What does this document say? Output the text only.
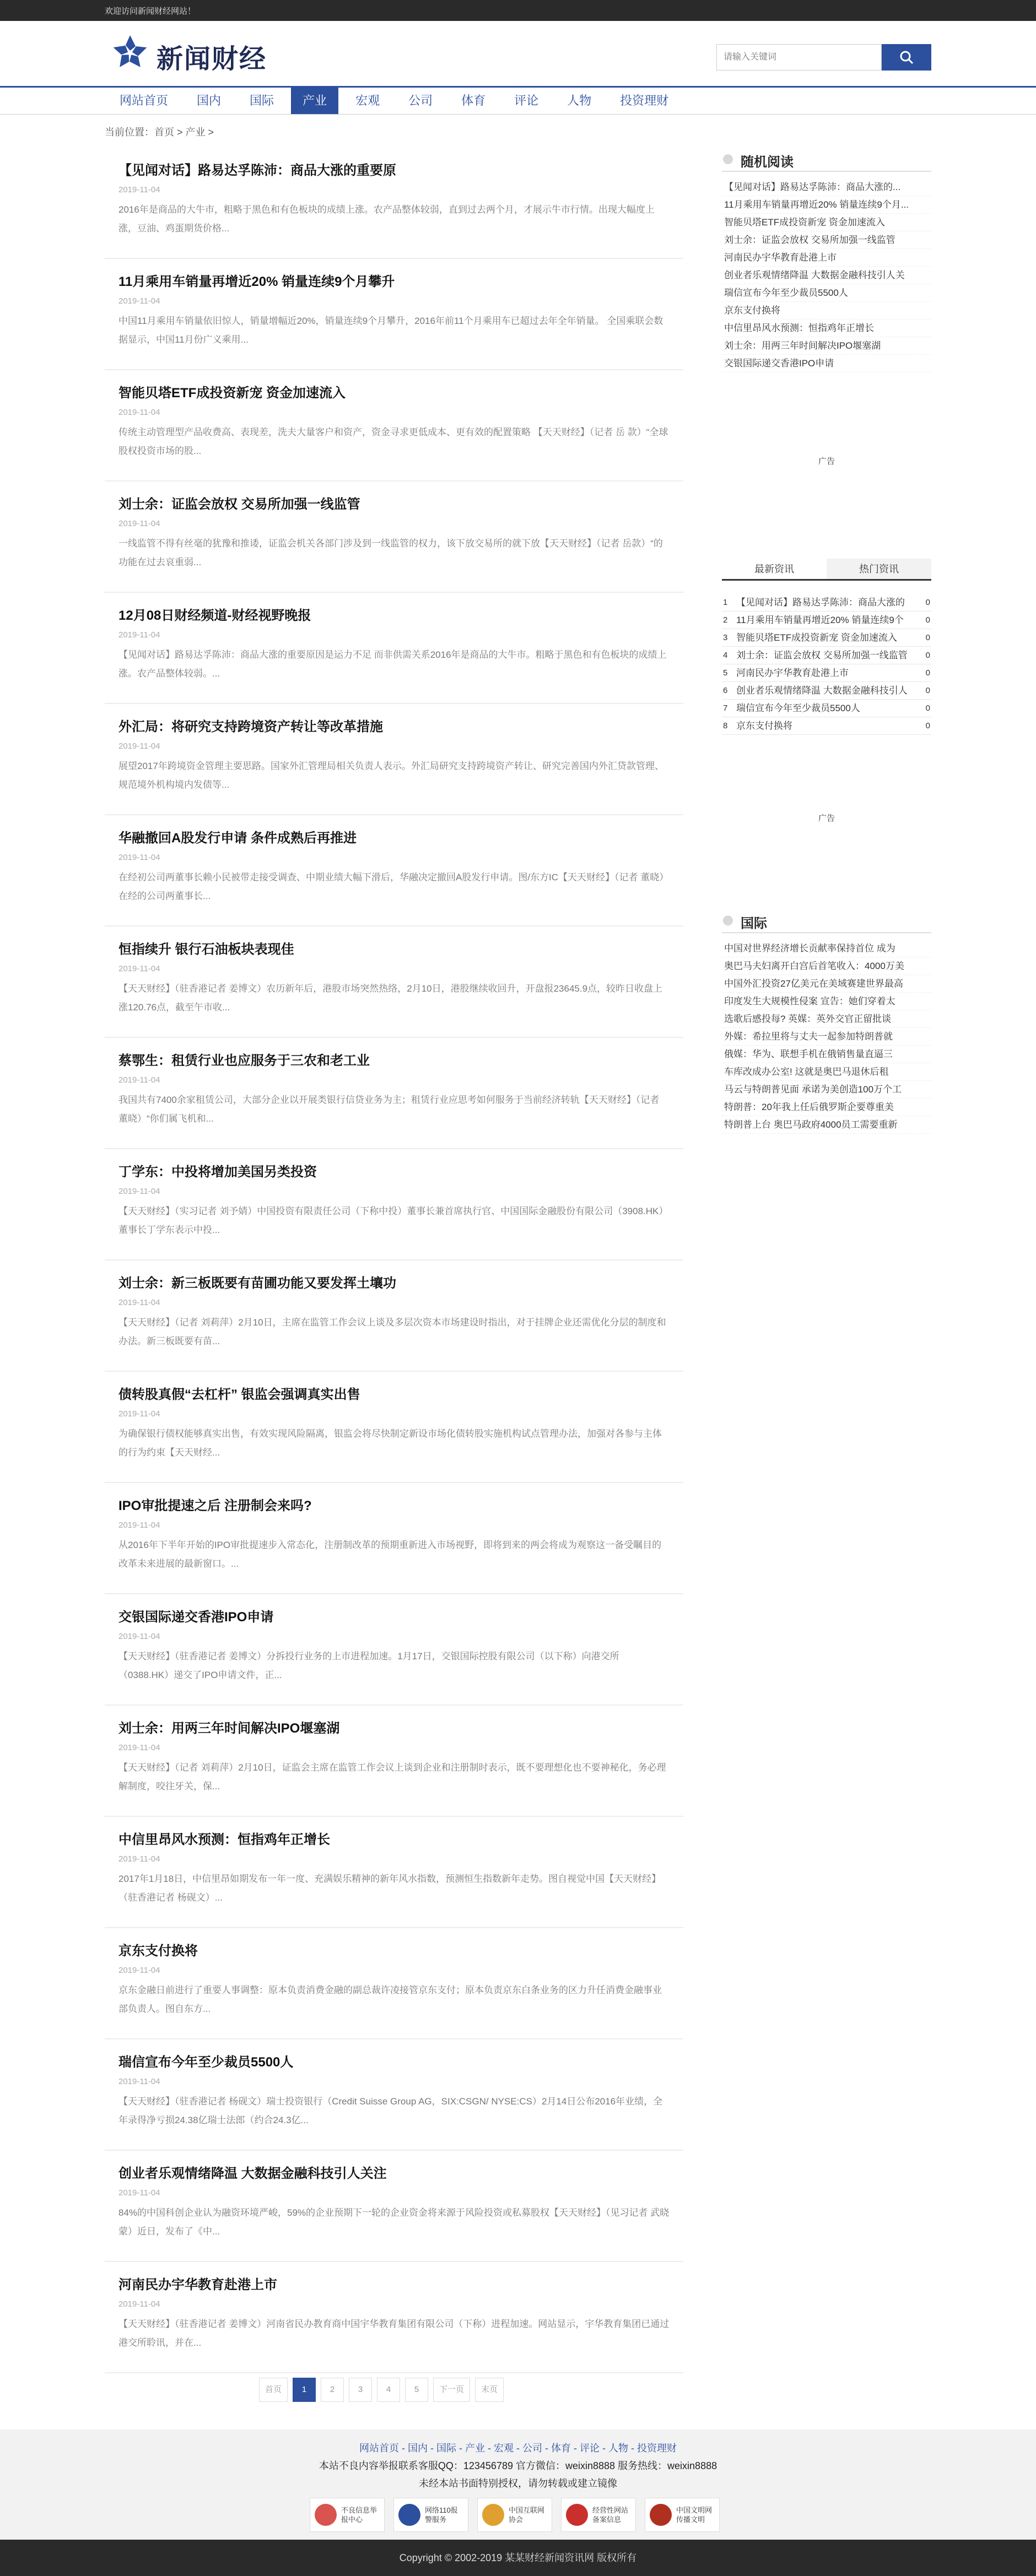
欢迎访问新闻财经网站！
新闻财经
请输入关键词
网站首页	国内	国际	产业	宏观	公司	体育	评论	人物	投资理财
当前位置：首页 > 产业 >
【见闻对话】路易达孚陈沛：商品大涨的重要原
2019-11-04
2016年是商品的大牛市，粗略于黑色和有色板块的成绩上涨。农产品整体较弱，直到过去两个月，才展示牛市行情。出现大幅度上涨，豆油、鸡蛋期货价格...
11月乘用车销量再增近20% 销量连续9个月攀升
2019-11-04
中国11月乘用车销量依旧惊人，销量增幅近20%，销量连续9个月攀升，2016年前11个月乘用车已超过去年全年销量。 全国乘联会数据显示，中国11月份广义乘用...
智能贝塔ETF成投资新宠 资金加速流入
2019-11-04
传统主动管理型产品收费高、表现差，洗夫大量客户和资产，资金寻求更低成本、更有效的配置策略 【天天财经】（记者 岳 款）“全球股权投资市场的股...
刘士余：证监会放权 交易所加强一线监管
2019-11-04
一线监管不得有丝毫的犹豫和推诿，证监会机关各部门涉及到一线监管的权力，该下放交易所的就下放【天天财经】（记者 岳款）“的功能在过去哀重弱...
12月08日财经频道-财经视野晚报
2019-11-04
【见闻对话】路易达孚陈沛：商品大涨的重要原因是运力不足 而非供需关系2016年是商品的大牛市。粗略于黑色和有色板块的成绩上涨。农产品整体较弱。...
外汇局：将研究支持跨境资产转让等改革措施
2019-11-04
展望2017年跨境资金管理主要思路。国家外汇管理局相关负责人表示。外汇局研究支持跨境资产转让、研究完善国内外汇贷款管理、规范境外机构境内发债等...
华融撤回A股发行申请 条件成熟后再推进
2019-11-04
在经初公司两董事长赖小民被带走接受调查、中期业绩大幅下滑后，华融决定撤回A股发行申请。图/东方IC【天天财经】（记者 董晓）在经的公司两董事长...
恒指续升 银行石油板块表现佳
2019-11-04
【天天财经】（驻香港记者 姜博文）农历新年后，港股市场突然热络，2月10日，港股继续收回升，开盘报23645.9点，较昨日收盘上涨120.76点，截至午市收...
蔡鄂生：租赁行业也应服务于三农和老工业
2019-11-04
我国共有7400余家租赁公司，大部分企业以开展类银行信贷业务为主；租赁行业应思考如何服务于当前经济转轨【天天财经】（记者 董晓）“你们属飞机和...
丁学东：中投将增加美国另类投资
2019-11-04
【天天财经】（实习记者 刘予婧）中国投资有限责任公司（下称中投）董事长兼首席执行官、中国国际金融股份有限公司（3908.HK）董事长丁学东表示中投...
刘士余：新三板既要有苗圃功能又要发挥土壤功
2019-11-04
【天天财经】（记者 刘莉萍）2月10日，主席在监管工作会议上谈及多层次资本市场建设时指出，对于挂牌企业还需优化分层的制度和办法。新三板既要有苗...
债转股真假“去杠杆” 银监会强调真实出售
2019-11-04
为确保银行债权能够真实出售，有效实现风险隔离，银监会将尽快制定新设市场化债转股实施机构试点管理办法，加强对各参与主体的行为约束【天天财经...
IPO审批提速之后 注册制会来吗?
2019-11-04
从2016年下半年开始的IPO审批提速步入常态化，注册制改革的预期重新进入市场视野，即将到来的两会将成为观察这一备受瞩目的改革未来进展的最新窗口。...
交银国际递交香港IPO申请
2019-11-04
【天天财经】（驻香港记者 姜博文）分拆投行业务的上市进程加速。1月17日，交银国际控股有限公司（以下称）向港交所（0388.HK）递交了IPO申请文件，正...
刘士余：用两三年时间解决IPO堰塞湖
2019-11-04
【天天财经】（记者 刘莉萍）2月10日，证监会主席在监管工作会议上谈到企业和注册制时表示，既不要理想化也不要神秘化，务必理解制度，咬往牙关，保...
中信里昂风水预测：恒指鸡年正增长
2019-11-04
2017年1月18日，中信里昂如期发布一年一度、充满娱乐精神的新年风水指数，预测恒生指数新年走势。图自视觉中国【天天财经】（驻香港记者 杨砚文）...
京东支付换将
2019-11-04
京东金融日前进行了重要人事调整：原本负责消费金融的副总裁许凌接管京东支付；原本负责京东白条业务的区力升任消费金融事业部负责人。图自东方...
瑞信宣布今年至少裁员5500人
2019-11-04
【天天财经】（驻香港记者 杨砚文）瑞士投资银行（Credit Suisse Group AG，SIX:CSGN/ NYSE:CS）2月14日公布2016年业绩，全年录得净亏损24.38亿瑞士法郎（约合24.3亿...
创业者乐观情绪降温 大数据金融科技引人关注
2019-11-04
84%的中国科创企业认为融资环境严峻，59%的企业预期下一轮的企业资金将来源于风险投资或私募股权【天天财经】（见习记者 武晓蒙）近日，发布了《中...
河南民办宇华教育赴港上市
2019-11-04
【天天财经】（驻香港记者 姜博文）河南省民办教育商中国宇华教育集团有限公司（下称）进程加速。网站显示，宇华教育集团已通过港交所聆讯，并在...
首页	1	2	3	4	5	下一页	末页
随机阅读
【见闻对话】路易达孚陈沛：商品大涨的...
11月乘用车销量再增近20% 销量连续9个月...
智能贝塔ETF成投资新宠 资金加速流入
刘士余：证监会放权 交易所加强一线监管
河南民办宇华教育赴港上市
创业者乐观情绪降温 大数据金融科技引人关
瑞信宣布今年至少裁员5500人
京东支付换将
中信里昂风水预测：恒指鸡年正增长
刘士余：用两三年时间解决IPO堰塞湖
交银国际递交香港IPO申请
广告
最新资讯	热门资讯
1 【见闻对话】路易达孚陈沛：商品大涨的	0
2 11月乘用车销量再增近20% 销量连续9个	0
3 智能贝塔ETF成投资新宠 资金加速流入	0
4 刘士余：证监会放权 交易所加强一线监管 0
5 河南民办宇华教育赴港上市	0
6 创业者乐观情绪降温 大数据金融科技引人 0
7 瑞信宣布今年至少裁员5500人	0
8 京东支付换将	0
广告
国际
中国对世界经济增长贡献率保持首位 成为
奥巴马夫妇离开白宫后首笔收入：4000万美
中国外汇投资27亿美元在美域赛建世界最高
印度发生大规模性侵案 宣告：她们穿着太
选歌后感投每? 英媒：英外交官正留批谈
外媒：希拉里将与丈夫一起参加特朗普就
俄媒：华为、联想手机在俄销售量直逼三
车库改成办公室! 这就是奥巴马退休后租
马云与特朗普见面 承诺为美创造100万个工
特朗普：20年我上任后俄罗斯企要尊重美
特朗普上台 奥巴马政府4000员工需要重新
网站首页 - 国内 - 国际 - 产业 - 宏观 - 公司 - 体育 - 评论 - 人物 - 投资理财
本站不良内容举报联系客服QQ：123456789 官方微信：weixin8888 服务热线：weixin8888
未经本站书面特别授权，请勿转载或建立镜像
不良信息举报中心
网络110报警服务
中国互联网协会
经营性网站备案信息
中国文明网传播文明
Copyright © 2002-2019 某某财经新闻资讯网 版权所有
